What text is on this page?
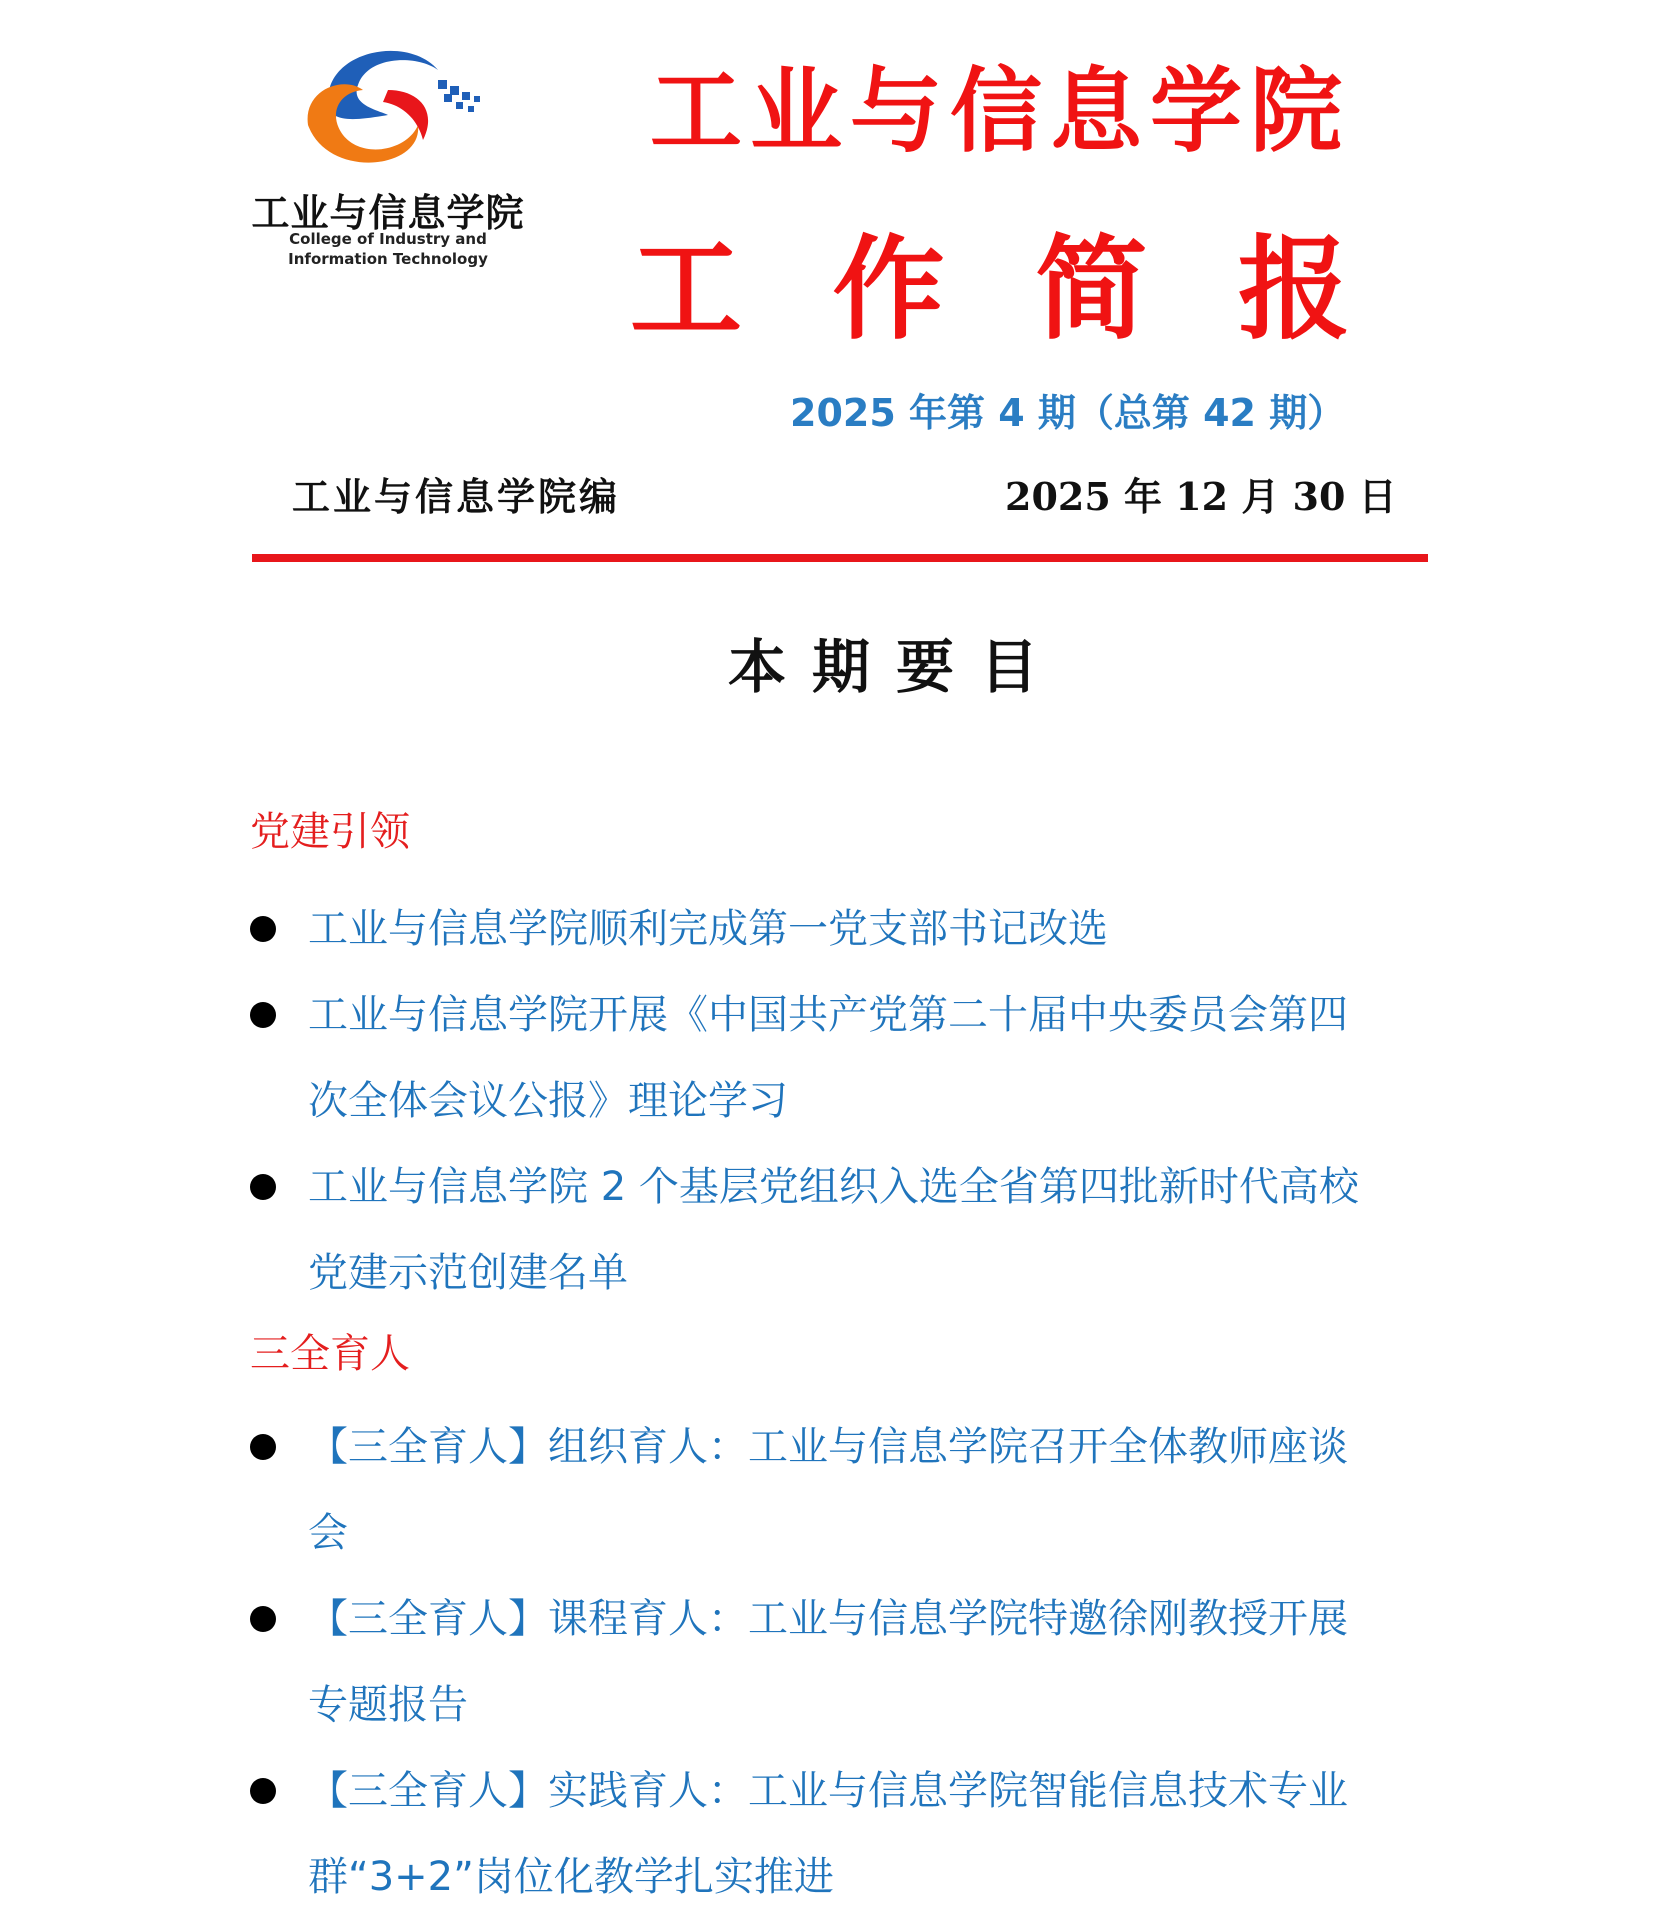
工业与信息学院
College of Industry and
Information Technology
工业与信息学院
工 作 简 报
2025 年第 4 期（总第 42 期）
工业与信息学院编	2025 年 12 月 30 日
本期要目
党建引领
工业与信息学院顺利完成第一党支部书记改选
工业与信息学院开展《中国共产党第二十届中央委员会第四
次全体会议公报》理论学习
工业与信息学院 2 个基层党组织入选全省第四批新时代高校
党建示范创建名单
三全育人
【三全育人】组织育人：工业与信息学院召开全体教师座谈
会
【三全育人】课程育人：工业与信息学院特邀徐刚教授开展
专题报告
【三全育人】实践育人：工业与信息学院智能信息技术专业
群“3+2”岗位化教学扎实推进
